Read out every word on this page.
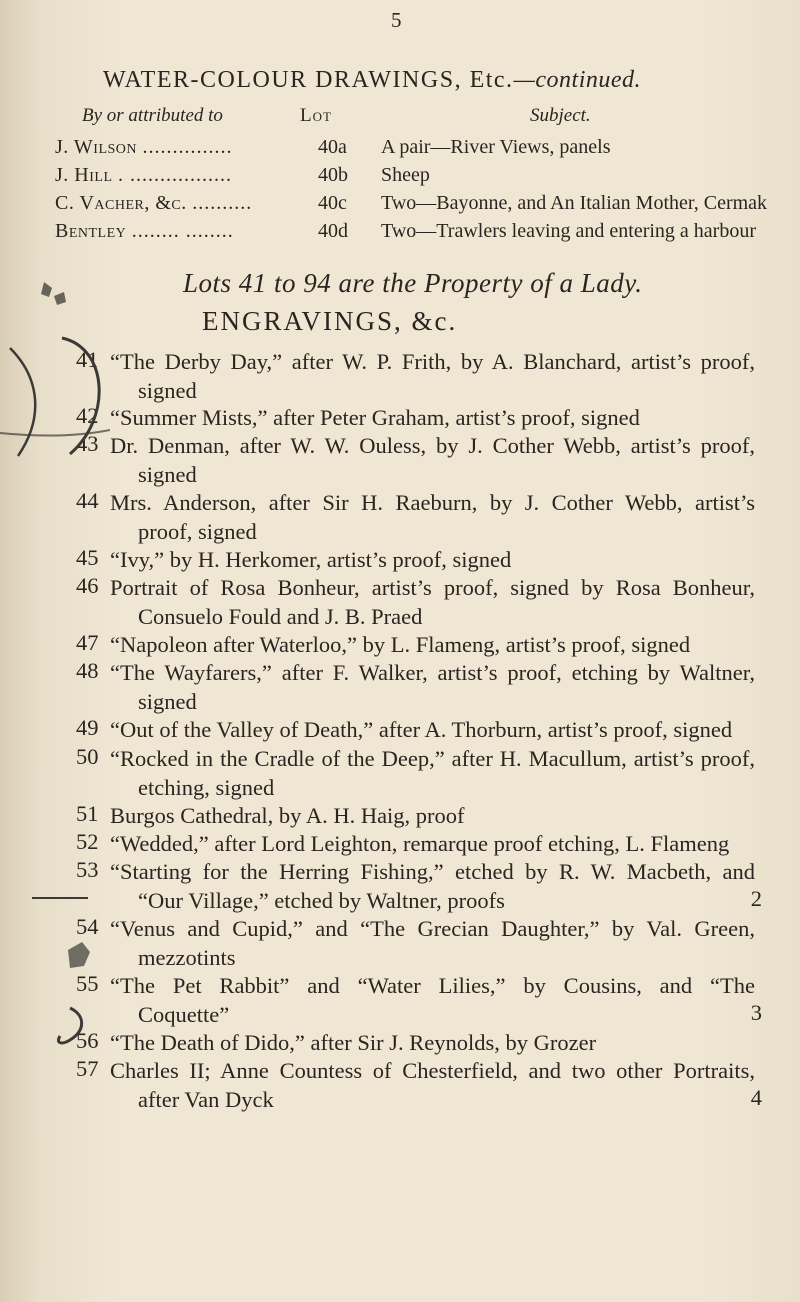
5
WATER-COLOUR DRAWINGS, Etc.—continued.
By or attributed to	Lot	Subject.
J. Wilson ...............	40a A pair—River Views, panels
J. Hill . .................	40b Sheep
C. Vacher, &c. ..........	40c Two—Bayonne, and An Italian Mother, Cermak
Bentley ........ ........	40d Two—Trawlers leaving and entering a harbour
Lots 41 to 94 are the Property of a Lady.
ENGRAVINGS, &c.
41 “The Derby Day,” after W. P. Frith, by A. Blanchard, artist’s proof,
signed
42 “Summer Mists,” after Peter Graham, artist’s proof, signed
43 Dr. Denman, after W. W. Ouless, by J. Cother Webb, artist’s proof,
signed
44 Mrs. Anderson, after Sir H. Raeburn, by J. Cother Webb, artist’s
proof, signed
45 “Ivy,” by H. Herkomer, artist’s proof, signed
46 Portrait of Rosa Bonheur, artist’s proof, signed by Rosa Bonheur,
Consuelo Fould and J. B. Praed
47 “Napoleon after Waterloo,” by L. Flameng, artist’s proof, signed
48 “The Wayfarers,” after F. Walker, artist’s proof, etching by Waltner,
signed
49 “Out of the Valley of Death,” after A. Thorburn, artist’s proof, signed
50 “Rocked in the Cradle of the Deep,” after H. Macullum, artist’s proof,
etching, signed
51 Burgos Cathedral, by A. H. Haig, proof
52 “Wedded,” after Lord Leighton, remarque proof etching, L. Flameng
53 “Starting for the Herring Fishing,” etched by R. W. Macbeth, and
“Our Village,” etched by Waltner, proofs	2
54 “Venus and Cupid,” and “The Grecian Daughter,” by Val. Green,
mezzotints
55 “The Pet Rabbit” and “Water Lilies,” by Cousins, and “The
Coquette”	3
56 “The Death of Dido,” after Sir J. Reynolds, by Grozer
57 Charles II; Anne Countess of Chesterfield, and two other Portraits,
after Van Dyck	4
